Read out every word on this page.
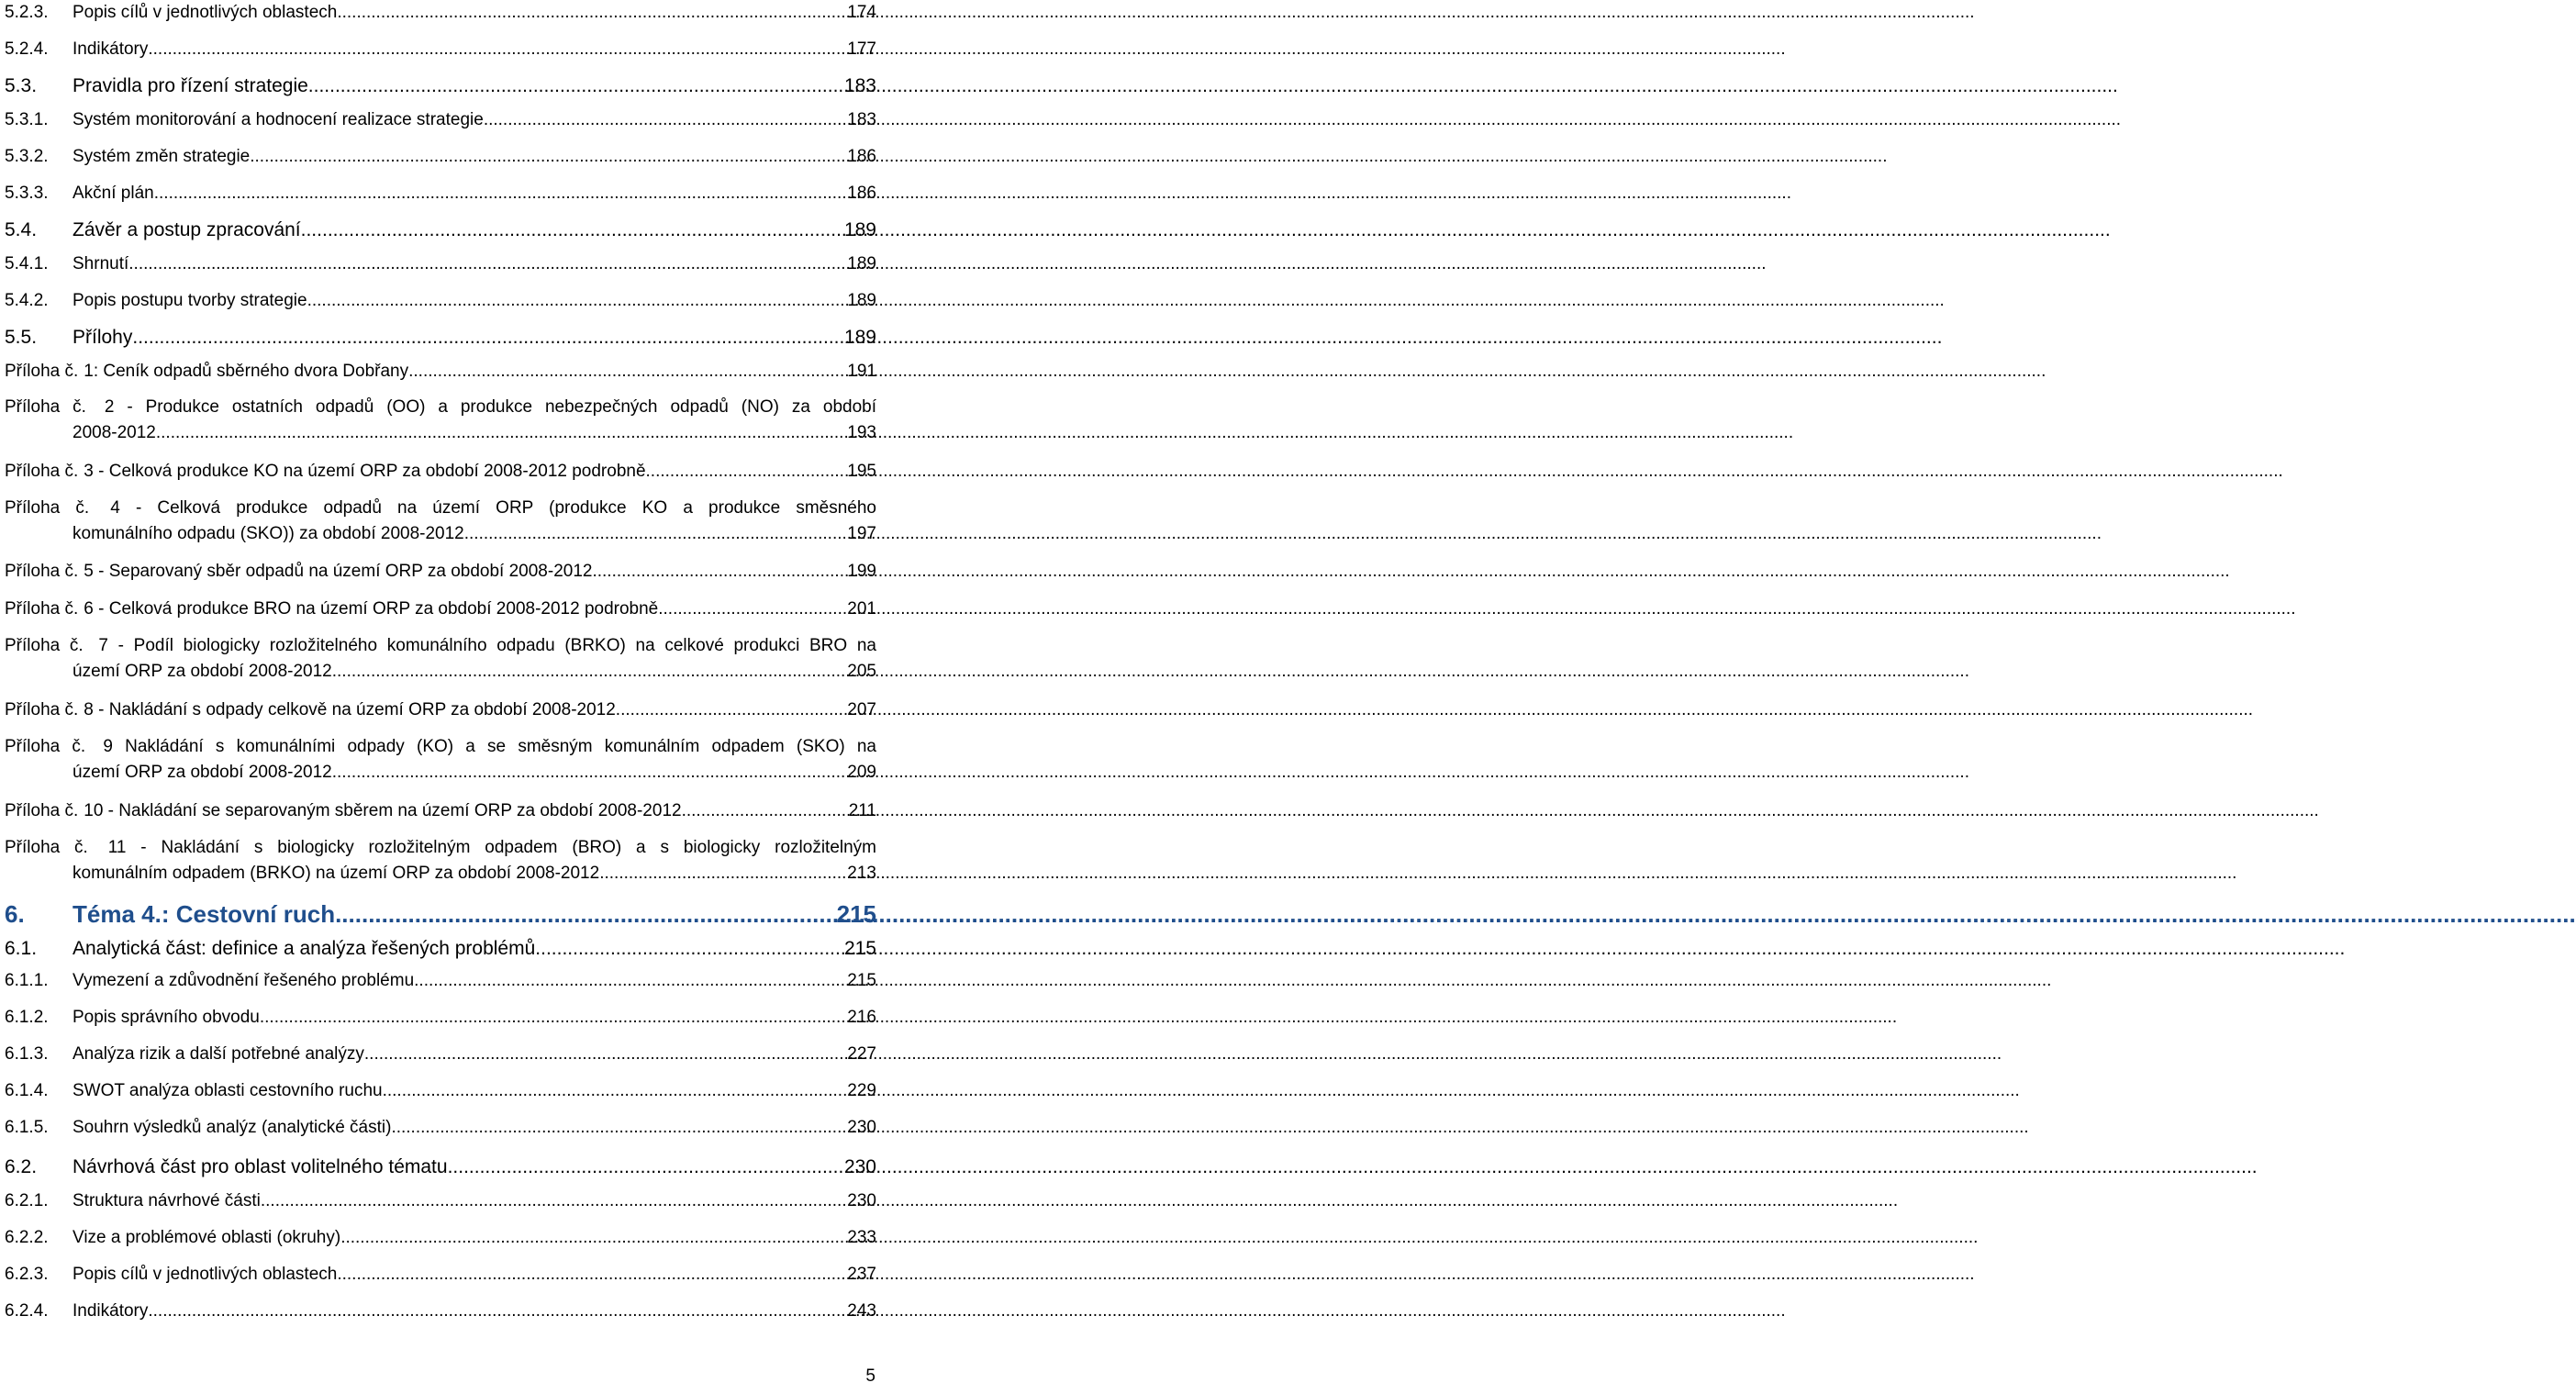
5.2.3.	Popis cílů v jednotlivých oblastech .....	174
5.2.4.	Indikátory .....	177
5.3.	Pravidla pro řízení strategie .....	183
5.3.1.	Systém monitorování a hodnocení realizace strategie .....	183
5.3.2.	Systém změn strategie .....	186
5.3.3.	Akční plán .....	186
5.4.	Závěr a postup zpracování .....	189
5.4.1.	Shrnutí .....	189
5.4.2.	Popis postupu tvorby strategie .....	189
5.5.	Přílohy .....	189
Příloha č. 1: Ceník odpadů sběrného dvora Dobřany .....	191
Příloha č. 2 - Produkce ostatních odpadů (OO) a produkce nebezpečných odpadů (NO) za období
2008-2012 .....	193
Příloha č. 3 - Celková produkce KO na území ORP za období 2008-2012 podrobně .....	195
Příloha č. 4 - Celková produkce odpadů na území ORP (produkce KO a produkce směsného
komunálního odpadu (SKO)) za období 2008-2012 .....	197
Příloha č. 5 - Separovaný sběr odpadů na území ORP za období 2008-2012 .....	199
Příloha č. 6 - Celková produkce BRO na území ORP za období 2008-2012 podrobně .....	201
Příloha č. 7 - Podíl biologicky rozložitelného komunálního odpadu (BRKO) na celkové produkci BRO na
území ORP za období 2008-2012 .....	205
Příloha č. 8 - Nakládání s odpady celkově na území ORP za období 2008-2012 .....	207
Příloha č. 9 Nakládání s komunálními odpady (KO) a se směsným komunálním odpadem (SKO) na
území ORP za období 2008-2012 .....	209
Příloha č. 10 - Nakládání se separovaným sběrem na území ORP za období 2008-2012 .....	211
Příloha č. 11 - Nakládání s biologicky rozložitelným odpadem (BRO) a s biologicky rozložitelným
komunálním odpadem (BRKO) na území ORP za období 2008-2012 .....	213
6.	Téma 4.: Cestovní ruch .....	215
6.1.	Analytická část: definice a analýza řešených problémů .....	215
6.1.1.	Vymezení a zdůvodnění řešeného problému .....	215
6.1.2.	Popis správního obvodu .....	216
6.1.3.	Analýza rizik a další potřebné analýzy .....	227
6.1.4.	SWOT analýza oblasti cestovního ruchu .....	229
6.1.5.	Souhrn výsledků analýz (analytické části) .....	230
6.2.	Návrhová část pro oblast volitelného tématu .....	230
6.2.1.	Struktura návrhové části .....	230
6.2.2.	Vize a problémové oblasti (okruhy) .....	233
6.2.3.	Popis cílů v jednotlivých oblastech .....	237
6.2.4.	Indikátory .....	243
5
